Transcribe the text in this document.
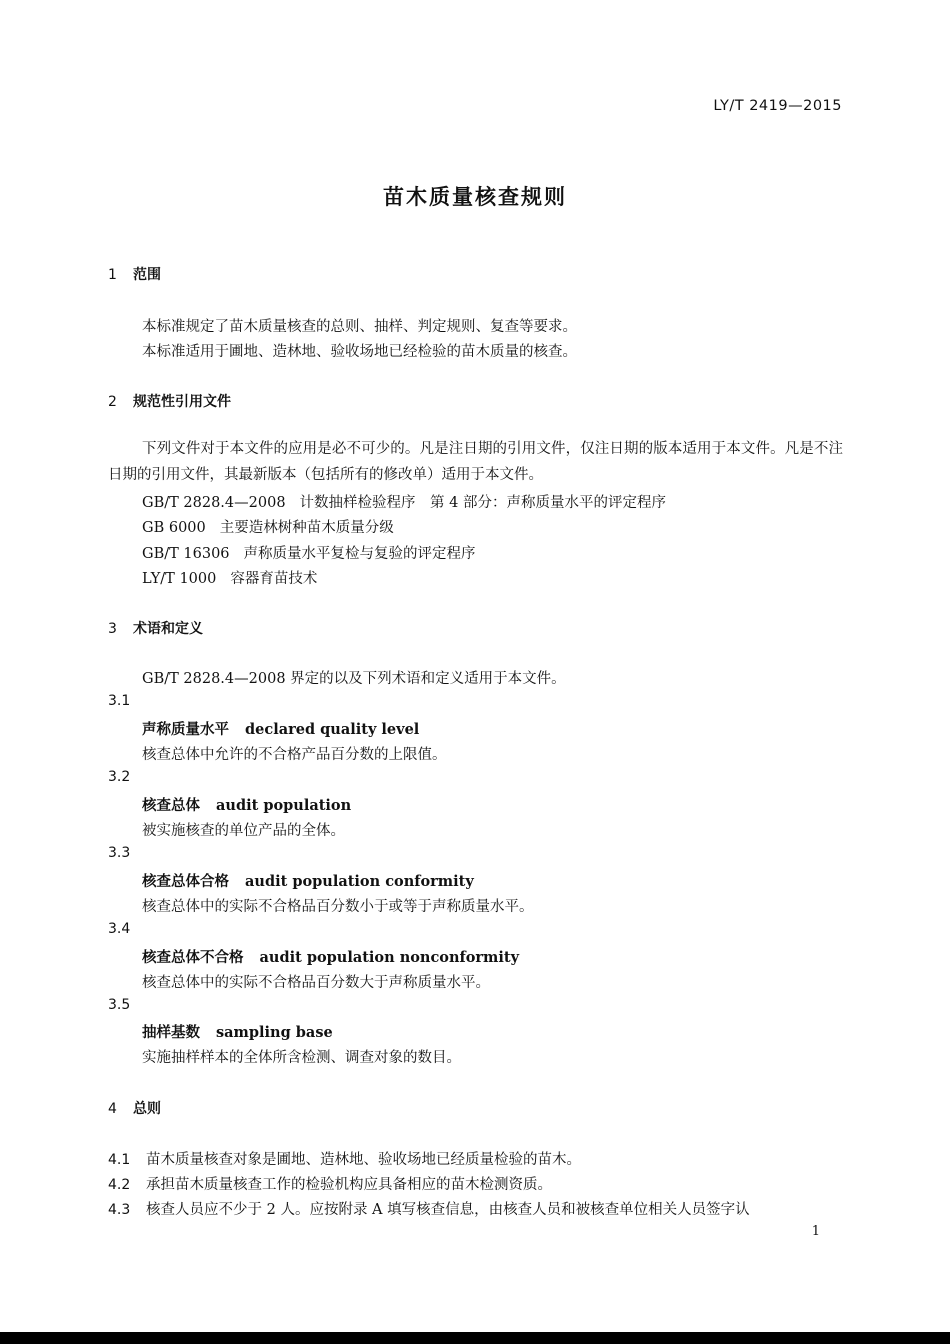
LY/T 2419—2015
苗木质量核查规则
1 范围
本标准规定了苗木质量核查的总则、抽样、判定规则、复查等要求。
本标准适用于圃地、造林地、验收场地已经检验的苗木质量的核查。
2 规范性引用文件
下列文件对于本文件的应用是必不可少的。凡是注日期的引用文件，仅注日期的版本适用于本文件。凡是不注日期的引用文件，其最新版本（包括所有的修改单）适用于本文件。
GB/T 2828.4—2008 计数抽样检验程序　第 4 部分：声称质量水平的评定程序
GB 6000 主要造林树种苗木质量分级
GB/T 16306 声称质量水平复检与复验的评定程序
LY/T 1000 容器育苗技术
3 术语和定义
GB/T 2828.4—2008 界定的以及下列术语和定义适用于本文件。
3.1
声称质量水平 declared quality level
核查总体中允许的不合格产品百分数的上限值。
3.2
核查总体 audit population
被实施核查的单位产品的全体。
3.3
核查总体合格 audit population conformity
核查总体中的实际不合格品百分数小于或等于声称质量水平。
3.4
核查总体不合格 audit population nonconformity
核查总体中的实际不合格品百分数大于声称质量水平。
3.5
抽样基数 sampling base
实施抽样样本的全体所含检测、调查对象的数目。
4 总则
4.1 苗木质量核查对象是圃地、造林地、验收场地已经质量检验的苗木。
4.2 承担苗木质量核查工作的检验机构应具备相应的苗木检测资质。
4.3 核查人员应不少于 2 人。应按附录 A 填写核查信息，由核查人员和被核查单位相关人员签字认
1
